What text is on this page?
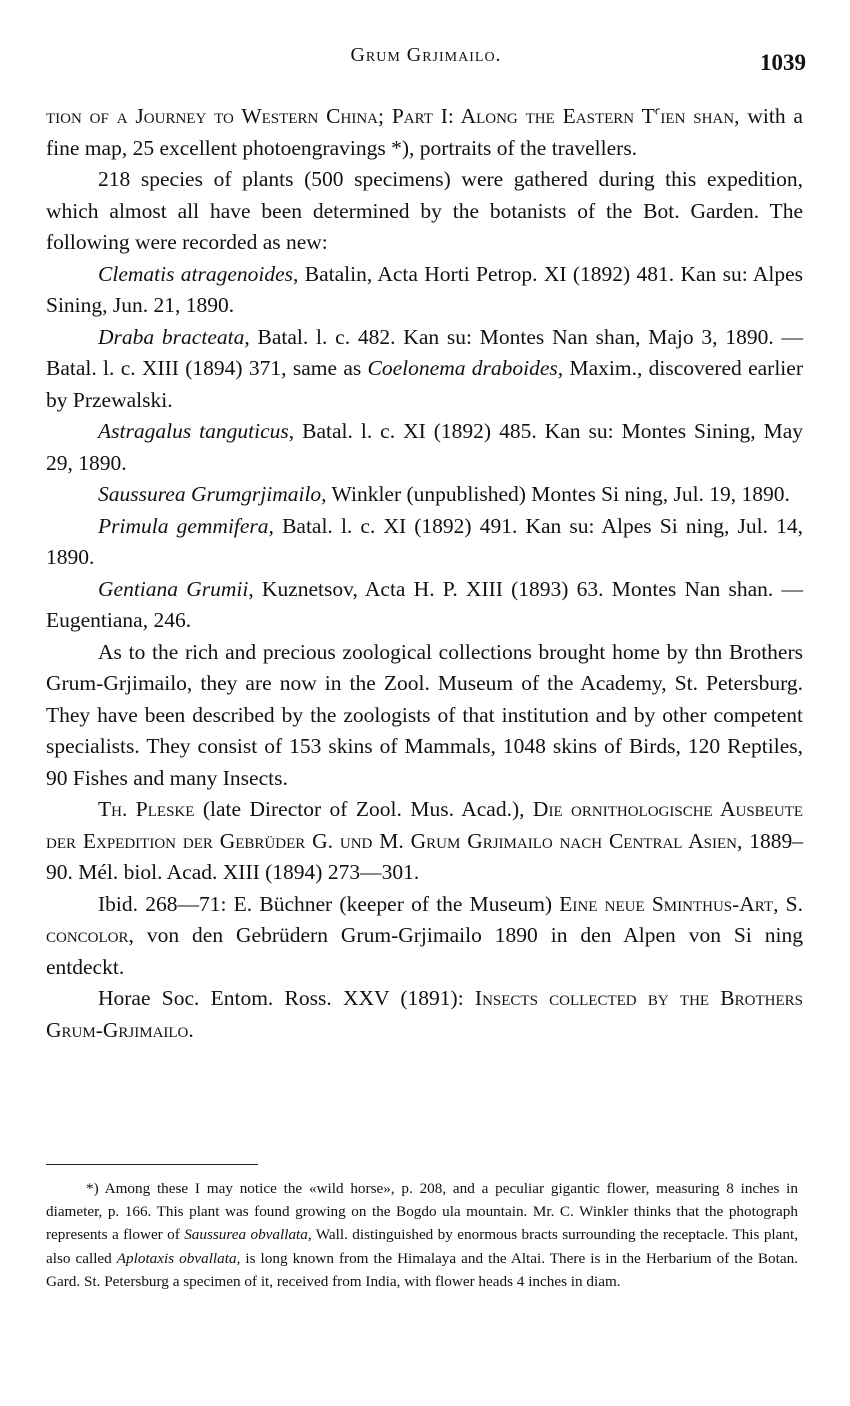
Grum Grjimailo.	1039

tion of a Journey to Western China; Part I: Along the Eastern $T^ꜥien$ shan, with a fine map, 25 excellent photoengravings *), portraits of the travellers.

218 species of plants (500 specimens) were gathered during this expedition, which almost all have been determined by the botanists of the Bot. Garden. The following were recorded as new:

Clematis atragenoides, Batalin, Acta Horti Petrop. XI (1892) 481. Kan su: Alpes Sining, Jun. 21, 1890.

Draba bracteata, Batal. l. c. 482. Kan su: Montes Nan shan, Majo 3, 1890. — Batal. l. c. XIII (1894) 371, same as Coelonema draboides, Maxim., discovered earlier by Przewalski.

Astragalus tanguticus, Batal. l. c. XI (1892) 485. Kan su: Montes Sining, May 29, 1890.

Saussurea Grumgrjimailo, Winkler (unpublished) Montes Si ning, Jul. 19, 1890.

Primula gemmifera, Batal. l. c. XI (1892) 491. Kan su: Alpes Si ning, Jul. 14, 1890.

Gentiana Grumii, Kuznetsov, Acta H. P. XIII (1893) 63. Montes Nan shan. — Eugentiana, 246.

As to the rich and precious zoological collections brought home by thn Brothers Grum-Grjimailo, they are now in the Zool. Museum of the Academy, St. Petersburg. They have been described by the zoologists of that institution and by other competent specialists. They consist of 153 skins of Mammals, 1048 skins of Birds, 120 Reptiles, 90 Fishes and many Insects.

Th. Pleske (late Director of Zool. Mus. Acad.), Die ornithologische Ausbeute der Expedition der Gebrüder G. und M. Grum Grjimailo nach Central Asien, 1889–90. Mél. biol. Acad. XIII (1894) 273—301.

Ibid. 268—71: E. Büchner (keeper of the Museum) Eine neue Sminthus-Art, S. concolor, von den Gebrüdern Grum-Grjimailo 1890 in den Alpen von Si ning entdeckt.

Horae Soc. Entom. Ross. XXV (1891): Insects collected by the Brothers Grum-Grjimailo.

*) Among these I may notice the «wild horse», p. 208, and a peculiar gigantic flower, measuring 8 inches in diameter, p. 166. This plant was found growing on the Bogdo ula mountain. Mr. C. Winkler thinks that the photograph represents a flower of Saussurea obvallata, Wall. distinguished by enormous bracts surrounding the receptacle. This plant, also called Aplotaxis obvallata, is long known from the Himalaya and the Altai. There is in the Herbarium of the Botan. Gard. St. Petersburg a specimen of it, received from India, with flower heads 4 inches in diam.
